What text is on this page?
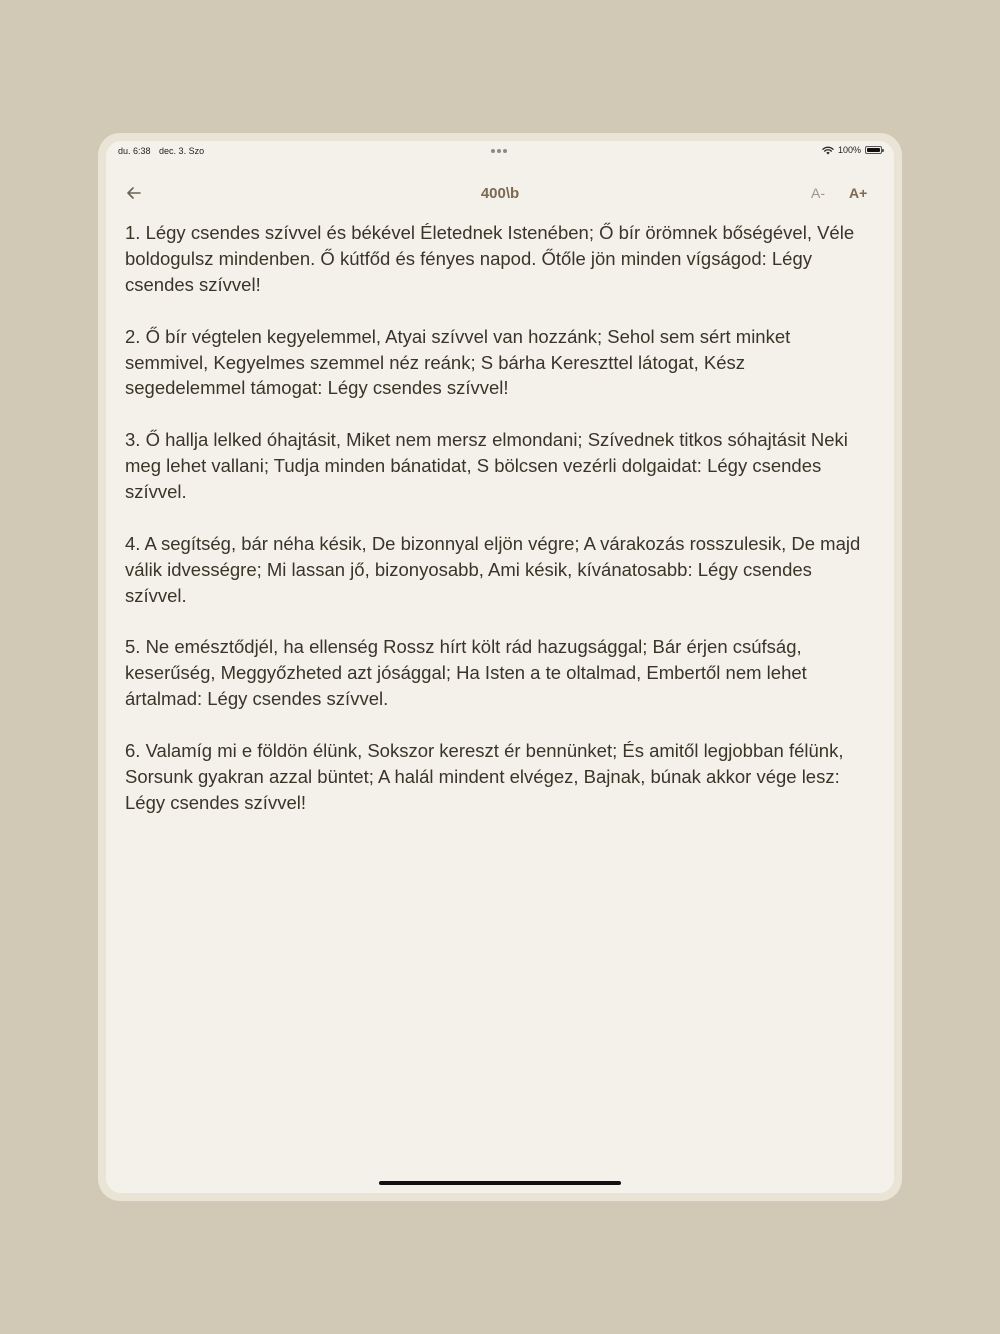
du. 6:38 dec. 3. Szo	100%
400\b	A- A+

1. Légy csendes szívvel és békével Életednek Istenében; Ő bír örömnek bőségével, Véle boldogulsz mindenben. Ő kútfőd és fényes napod. Őtőle jön minden vígságod: Légy csendes szívvel!

2. Ő bír végtelen kegyelemmel, Atyai szívvel van hozzánk; Sehol sem sért minket semmivel, Kegyelmes szemmel néz reánk; S bárha Kereszttel látogat, Kész segedelemmel támogat: Légy csendes szívvel!

3. Ő hallja lelked óhajtásit, Miket nem mersz elmondani; Szívednek titkos sóhajtásit Neki meg lehet vallani; Tudja minden bánatidat, S bölcsen vezérli dolgaidat: Légy csendes szívvel.

4. A segítség, bár néha késik, De bizonnyal eljön végre; A várakozás rosszulesik, De majd válik idvességre; Mi lassan jő, bizonyosabb, Ami késik, kívánatosabb: Légy csendes szívvel.

5. Ne emésztődjél, ha ellenség Rossz hírt költ rád hazugsággal; Bár érjen csúfság, keserűség, Meggyőzheted azt jósággal; Ha Isten a te oltalmad, Embertől nem lehet ártalmad: Légy csendes szívvel.

6. Valamíg mi e földön élünk, Sokszor kereszt ér bennünket; És amitől legjobban félünk, Sorsunk gyakran azzal büntet; A halál mindent elvégez, Bajnak, búnak akkor vége lesz: Légy csendes szívvel!
